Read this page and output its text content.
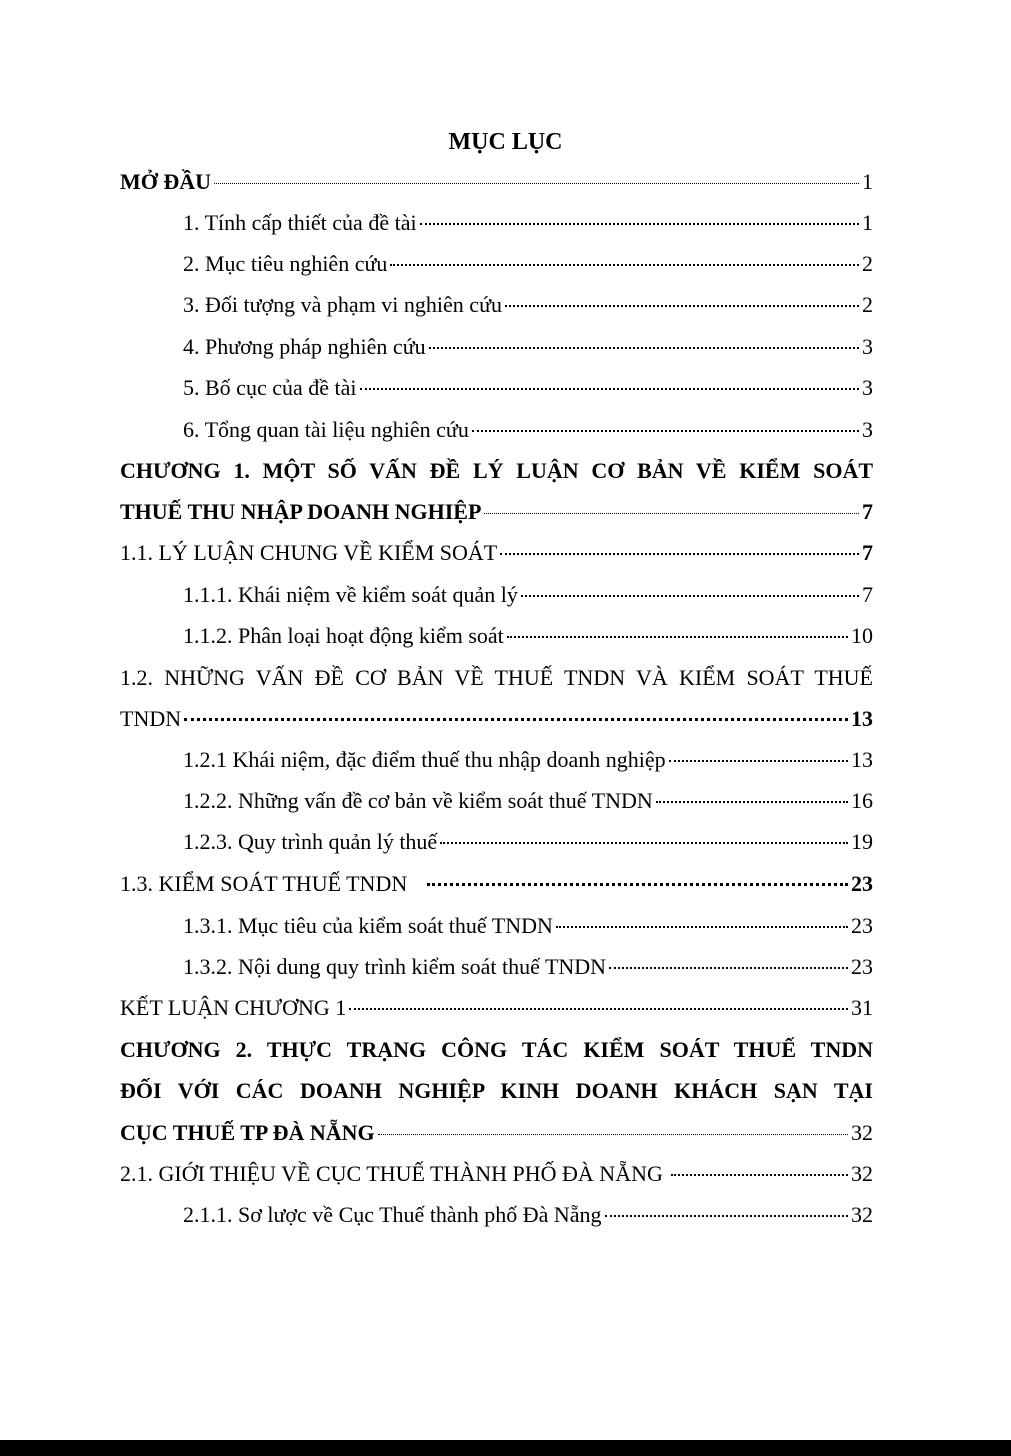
MỤC LỤC
MỞ ĐẦU	1
1. Tính cấp thiết của đề tài	1
2. Mục tiêu nghiên cứu	2
3. Đối tượng và phạm vi nghiên cứu	2
4. Phương pháp nghiên cứu	3
5. Bố cục của đề tài	3
6. Tổng quan tài liệu nghiên cứu	3
CHƯƠNG 1. MỘT SỐ VẤN ĐỀ LÝ LUẬN CƠ BẢN VỀ KIỂM SOÁT
THUẾ THU NHẬP DOANH NGHIỆP	7
1.1. LÝ LUẬN CHUNG VỀ KIỂM SOÁT	7
1.1.1. Khái niệm về kiểm soát quản lý	7
1.1.2. Phân loại hoạt động kiểm soát	10
1.2. NHỮNG VẤN ĐỀ CƠ BẢN VỀ THUẾ TNDN VÀ KIỂM SOÁT THUẾ
TNDN	13
1.2.1 Khái niệm, đặc điểm thuế thu nhập doanh nghiệp	13
1.2.2. Những vấn đề cơ bản về kiểm soát thuế TNDN	16
1.2.3. Quy trình quản lý thuế	19
1.3. KIỂM SOÁT THUẾ TNDN	23
1.3.1. Mục tiêu của kiểm soát thuế TNDN	23
1.3.2. Nội dung quy trình kiểm soát thuế TNDN	23
KẾT LUẬN CHƯƠNG 1	31
CHƯƠNG 2. THỰC TRẠNG CÔNG TÁC KIỂM SOÁT THUẾ TNDN
ĐỐI VỚI CÁC DOANH NGHIỆP KINH DOANH KHÁCH SẠN TẠI
CỤC THUẾ TP ĐÀ NẴNG	32
2.1. GIỚI THIỆU VỀ CỤC THUẾ THÀNH PHỐ ĐÀ NẴNG	32
2.1.1. Sơ lược về Cục Thuế thành phố Đà Nẵng	32
